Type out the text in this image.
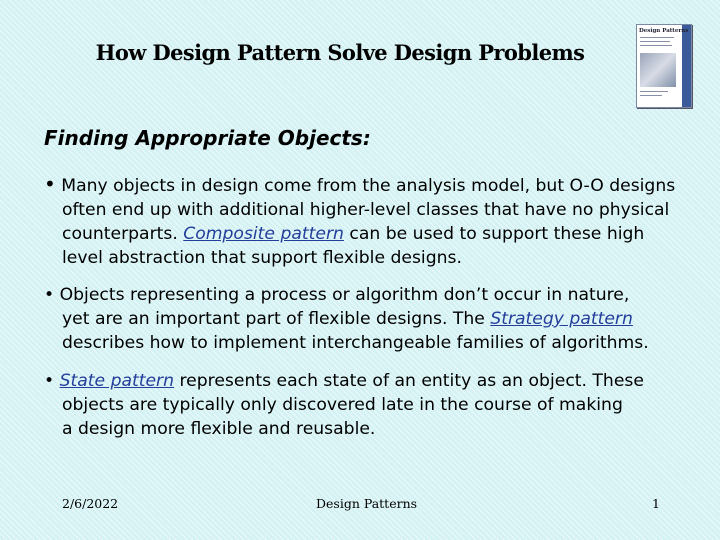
How Design Pattern Solve Design Problems
Design Patterns
Finding Appropriate Objects:
• Many objects in design come from the analysis model, but O-O designs
often end up with additional higher-level classes that have no physical
counterparts. Composite pattern can be used to support these high
level abstraction that support flexible designs.
• Objects representing a process or algorithm don’t occur in nature,
yet are an important part of flexible designs. The Strategy pattern
describes how to implement interchangeable families of algorithms.
• State pattern represents each state of an entity as an object. These
objects are typically only discovered late in the course of making
a design more flexible and reusable.
2/6/2022	Design Patterns	1
